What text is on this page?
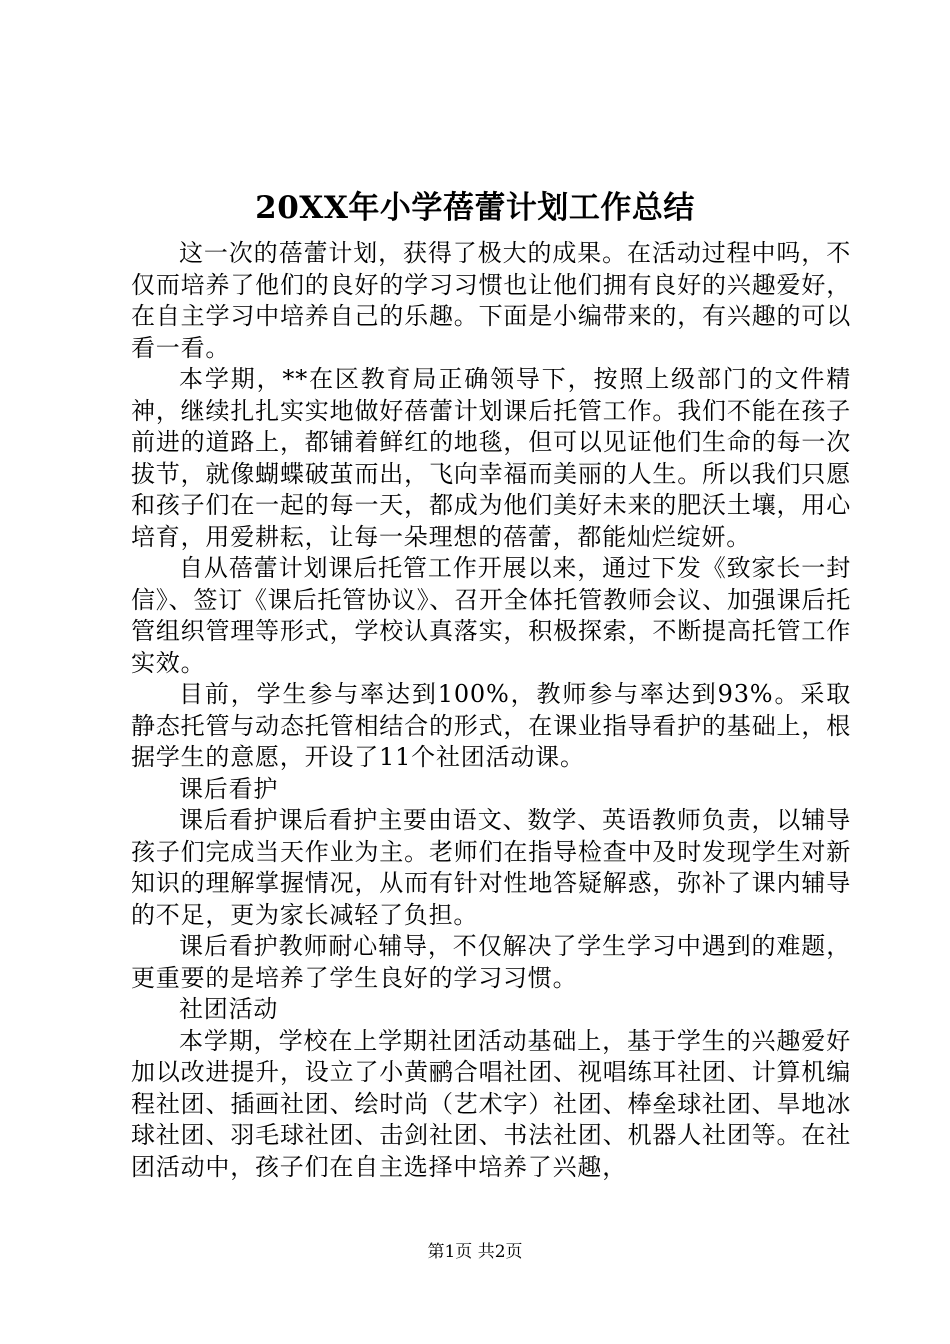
20XX年小学蓓蕾计划工作总结

这一次的蓓蕾计划，获得了极大的成果。在活动过程中吗，不仅而培养了他们的良好的学习习惯也让他们拥有良好的兴趣爱好，在自主学习中培养自己的乐趣。下面是小编带来的，有兴趣的可以看一看。

本学期，**在区教育局正确领导下，按照上级部门的文件精神，继续扎扎实实地做好蓓蕾计划课后托管工作。我们不能在孩子前进的道路上，都铺着鲜红的地毯，但可以见证他们生命的每一次拔节，就像蝴蝶破茧而出，飞向幸福而美丽的人生。所以我们只愿和孩子们在一起的每一天，都成为他们美好未来的肥沃土壤，用心培育，用爱耕耘，让每一朵理想的蓓蕾，都能灿烂绽妍。

自从蓓蕾计划课后托管工作开展以来，通过下发《致家长一封信》、签订《课后托管协议》、召开全体托管教师会议、加强课后托管组织管理等形式，学校认真落实，积极探索，不断提高托管工作实效。

目前，学生参与率达到100%，教师参与率达到93%。采取静态托管与动态托管相结合的形式，在课业指导看护的基础上，根据学生的意愿，开设了11个社团活动课。

课后看护

课后看护课后看护主要由语文、数学、英语教师负责，以辅导孩子们完成当天作业为主。老师们在指导检查中及时发现学生对新知识的理解掌握情况，从而有针对性地答疑解惑，弥补了课内辅导的不足，更为家长减轻了负担。

课后看护教师耐心辅导，不仅解决了学生学习中遇到的难题，更重要的是培养了学生良好的学习习惯。

社团活动

本学期，学校在上学期社团活动基础上，基于学生的兴趣爱好加以改进提升，设立了小黄鹂合唱社团、视唱练耳社团、计算机编程社团、插画社团、绘时尚（艺术字）社团、棒垒球社团、旱地冰球社团、羽毛球社团、击剑社团、书法社团、机器人社团等。在社团活动中，孩子们在自主选择中培养了兴趣，

第1页 共2页
